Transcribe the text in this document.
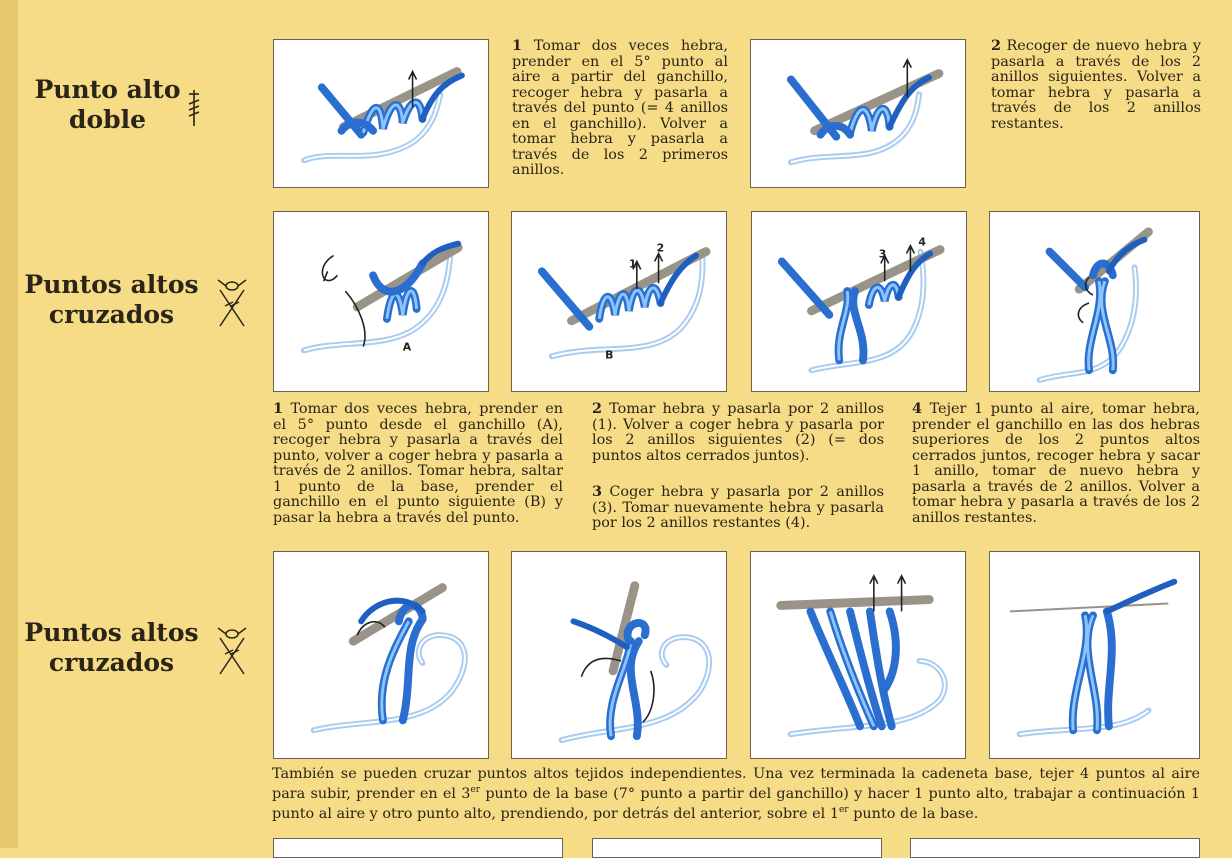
Punto alto
doble
1 Tomar dos veces hebra, prender en el 5° punto al aire a partir del ganchillo, recoger hebra y pasarla a través del punto (= 4 anillos en el ganchillo). Volver a tomar hebra y pasarla a través de los 2 primeros anillos.
2 Recoger de nuevo hebra y pasarla a través de los 2 anillos siguientes. Volver a tomar hebra y pasarla a través de los 2 anillos restantes.
Puntos altos
cruzados
A
1
2
B
3
4
1 Tomar dos veces hebra, prender en el 5° punto desde el ganchillo (A), recoger hebra y pasarla a través del punto, volver a coger hebra y pasarla a través de 2 anillos. Tomar hebra, saltar 1 punto de la base, prender el ganchillo en el punto siguiente (B) y pasar la hebra a través del punto.
2 Tomar hebra y pasarla por 2 anillos (1). Volver a coger hebra y pasarla por los 2 anillos siguientes (2) (= dos puntos altos cerrados juntos).
3 Coger hebra y pasarla por 2 anillos (3). Tomar nuevamente hebra y pasarla por los 2 anillos restantes (4).
4 Tejer 1 punto al aire, tomar hebra, prender el ganchillo en las dos hebras superiores de los 2 puntos altos cerrados juntos, recoger hebra y sacar 1 anillo, tomar de nuevo hebra y pasarla a través de 2 anillos. Volver a tomar hebra y pasarla a través de los 2 anillos restantes.
Puntos altos
cruzados
También se pueden cruzar puntos altos tejidos independientes. Una vez terminada la cadeneta base, tejer 4 puntos al aire para subir, prender en el 3er punto de la base (7° punto a partir del ganchillo) y hacer 1 punto alto, trabajar a continuación 1 punto al aire y otro punto alto, prendiendo, por detrás del anterior, sobre el 1er punto de la base.
